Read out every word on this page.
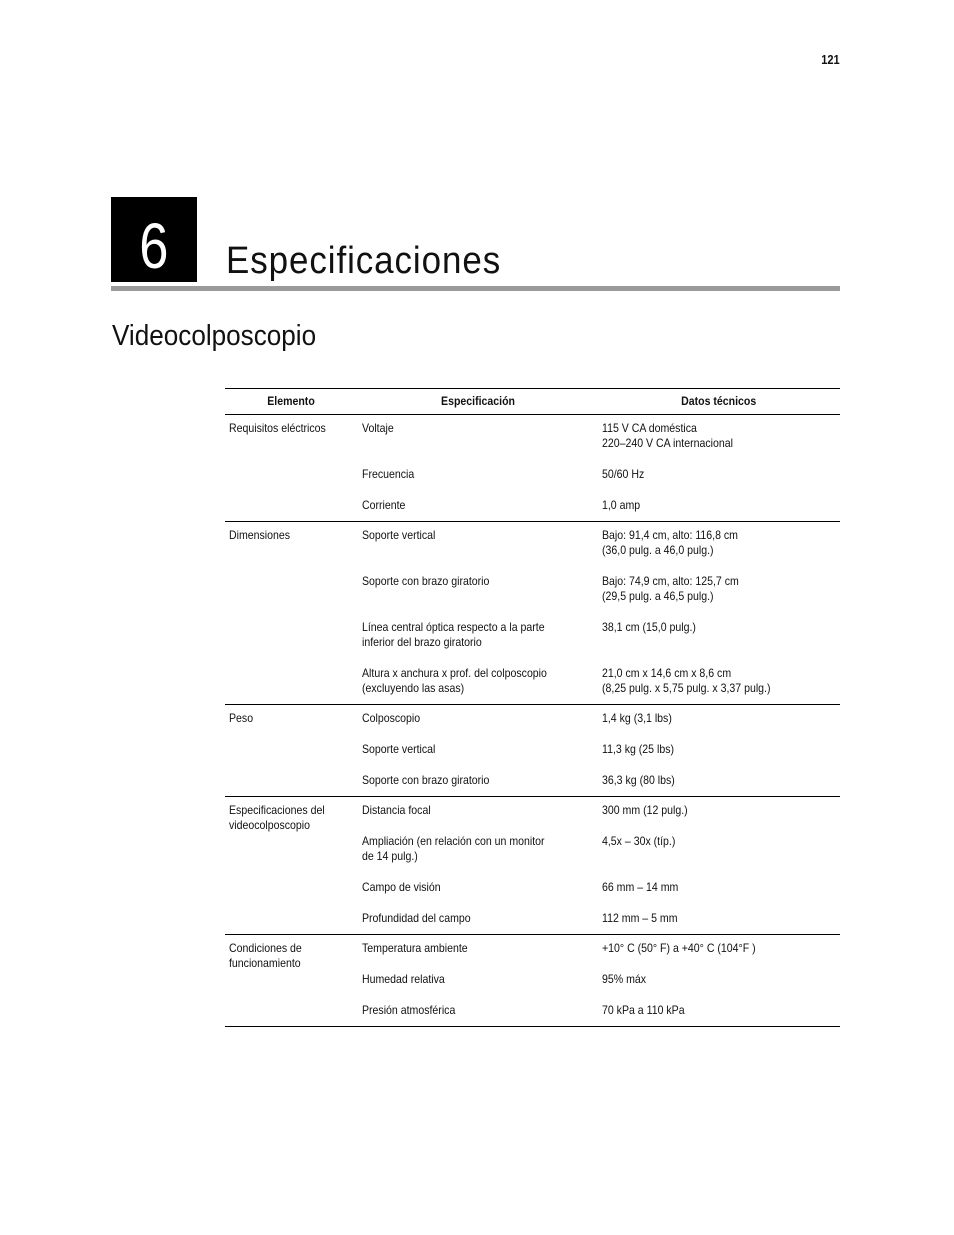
121
6 Especificaciones
Videocolposcopio
Elemento	Especificación	Datos técnicos

Requisitos eléctricos	Voltaje	115 V CA doméstica
220–240 V CA internacional

	Frecuencia	50/60 Hz

	Corriente	1,0 amp

Dimensiones	Soporte vertical	Bajo: 91,4 cm, alto: 116,8 cm
(36,0 pulg. a 46,0 pulg.)

	Soporte con brazo giratorio	Bajo: 74,9 cm, alto: 125,7 cm
(29,5 pulg. a 46,5 pulg.)

	Línea central óptica respecto a la parte
inferior del brazo giratorio	38,1 cm (15,0 pulg.)

	Altura x anchura x prof. del colposcopio
(excluyendo las asas)	21,0 cm x 14,6 cm x 8,6 cm
(8,25 pulg. x 5,75 pulg. x 3,37 pulg.)

Peso	Colposcopio	1,4 kg (3,1 lbs)

	Soporte vertical	11,3 kg (25 lbs)

	Soporte con brazo giratorio	36,3 kg (80 lbs)

Especificaciones del
videocolposcopio	Distancia focal	300 mm (12 pulg.)

	Ampliación (en relación con un monitor
de 14 pulg.)	4,5x – 30x (típ.)

	Campo de visión	66 mm – 14 mm

	Profundidad del campo	112 mm – 5 mm

Condiciones de
funcionamiento	Temperatura ambiente	+10° C (50° F) a +40° C (104°F )

	Humedad relativa	95% máx

	Presión atmosférica	70 kPa a 110 kPa
